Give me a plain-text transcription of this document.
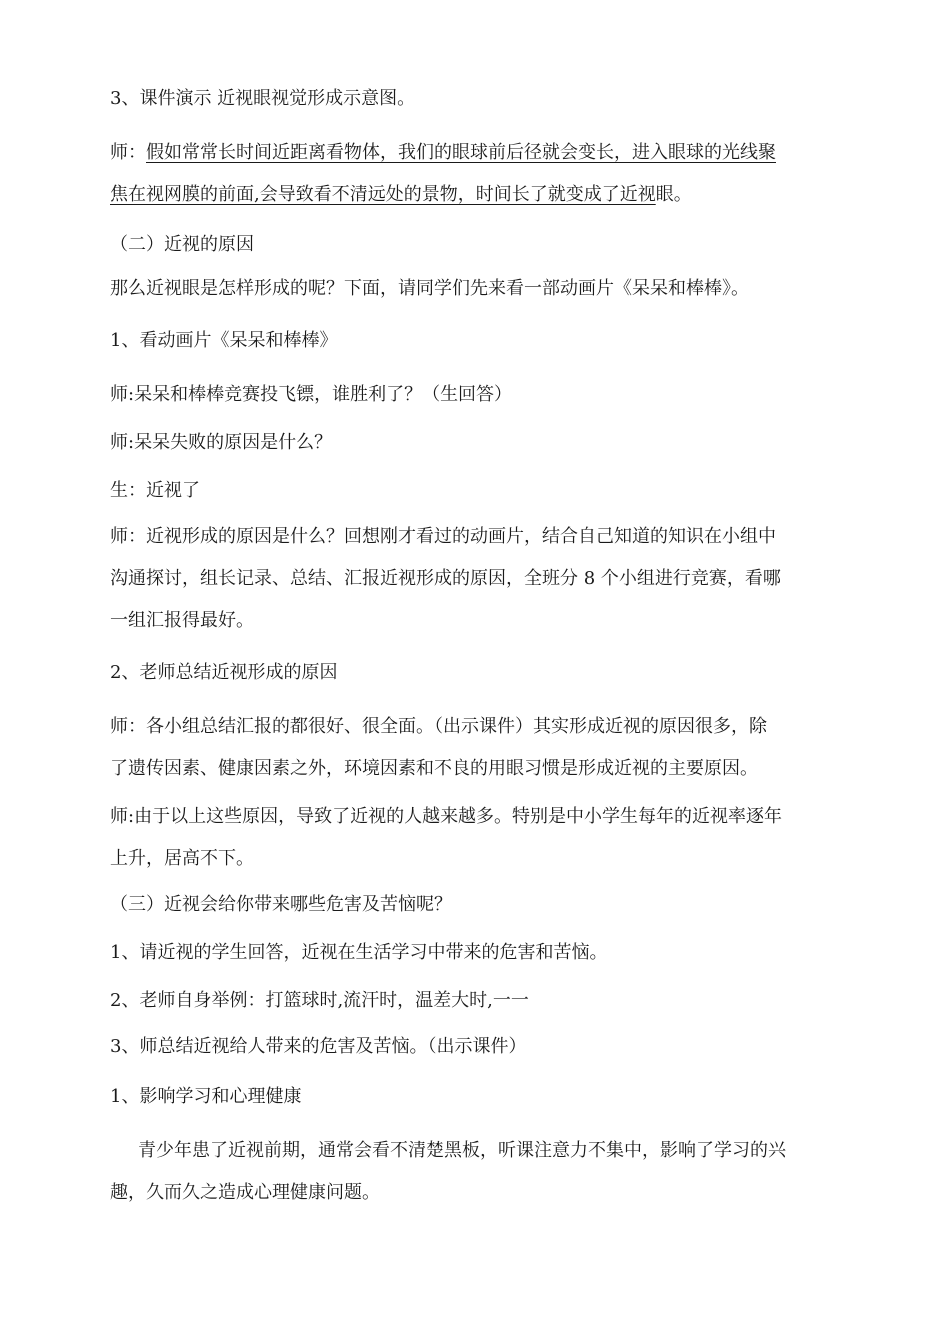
3、课件演示 近视眼视觉形成示意图。
师：假如常常长时间近距离看物体，我们的眼球前后径就会变长，进入眼球的光线聚
焦在视网膜的前面,会导致看不清远处的景物，时间长了就变成了近视眼。
（二）近视的原因
那么近视眼是怎样形成的呢？下面，请同学们先来看一部动画片《呆呆和棒棒》。
1、看动画片《呆呆和棒棒》
师:呆呆和棒棒竞赛投飞镖，谁胜利了？（生回答）
师:呆呆失败的原因是什么？
生：近视了
师：近视形成的原因是什么？回想刚才看过的动画片，结合自己知道的知识在小组中
沟通探讨，组长记录、总结、汇报近视形成的原因，全班分 8 个小组进行竞赛，看哪
一组汇报得最好。
2、老师总结近视形成的原因
师：各小组总结汇报的都很好、很全面。（出示课件）其实形成近视的原因很多，除
了遗传因素、健康因素之外，环境因素和不良的用眼习惯是形成近视的主要原因。
师:由于以上这些原因，导致了近视的人越来越多。特别是中小学生每年的近视率逐年
上升，居高不下。
（三）近视会给你带来哪些危害及苦恼呢？
1、请近视的学生回答，近视在生活学习中带来的危害和苦恼。
2、老师自身举例：打篮球时,流汗时，温差大时,一一
3、师总结近视给人带来的危害及苦恼。（出示课件）
1、影响学习和心理健康
青少年患了近视前期，通常会看不清楚黑板，听课注意力不集中，影响了学习的兴
趣，久而久之造成心理健康问题。
